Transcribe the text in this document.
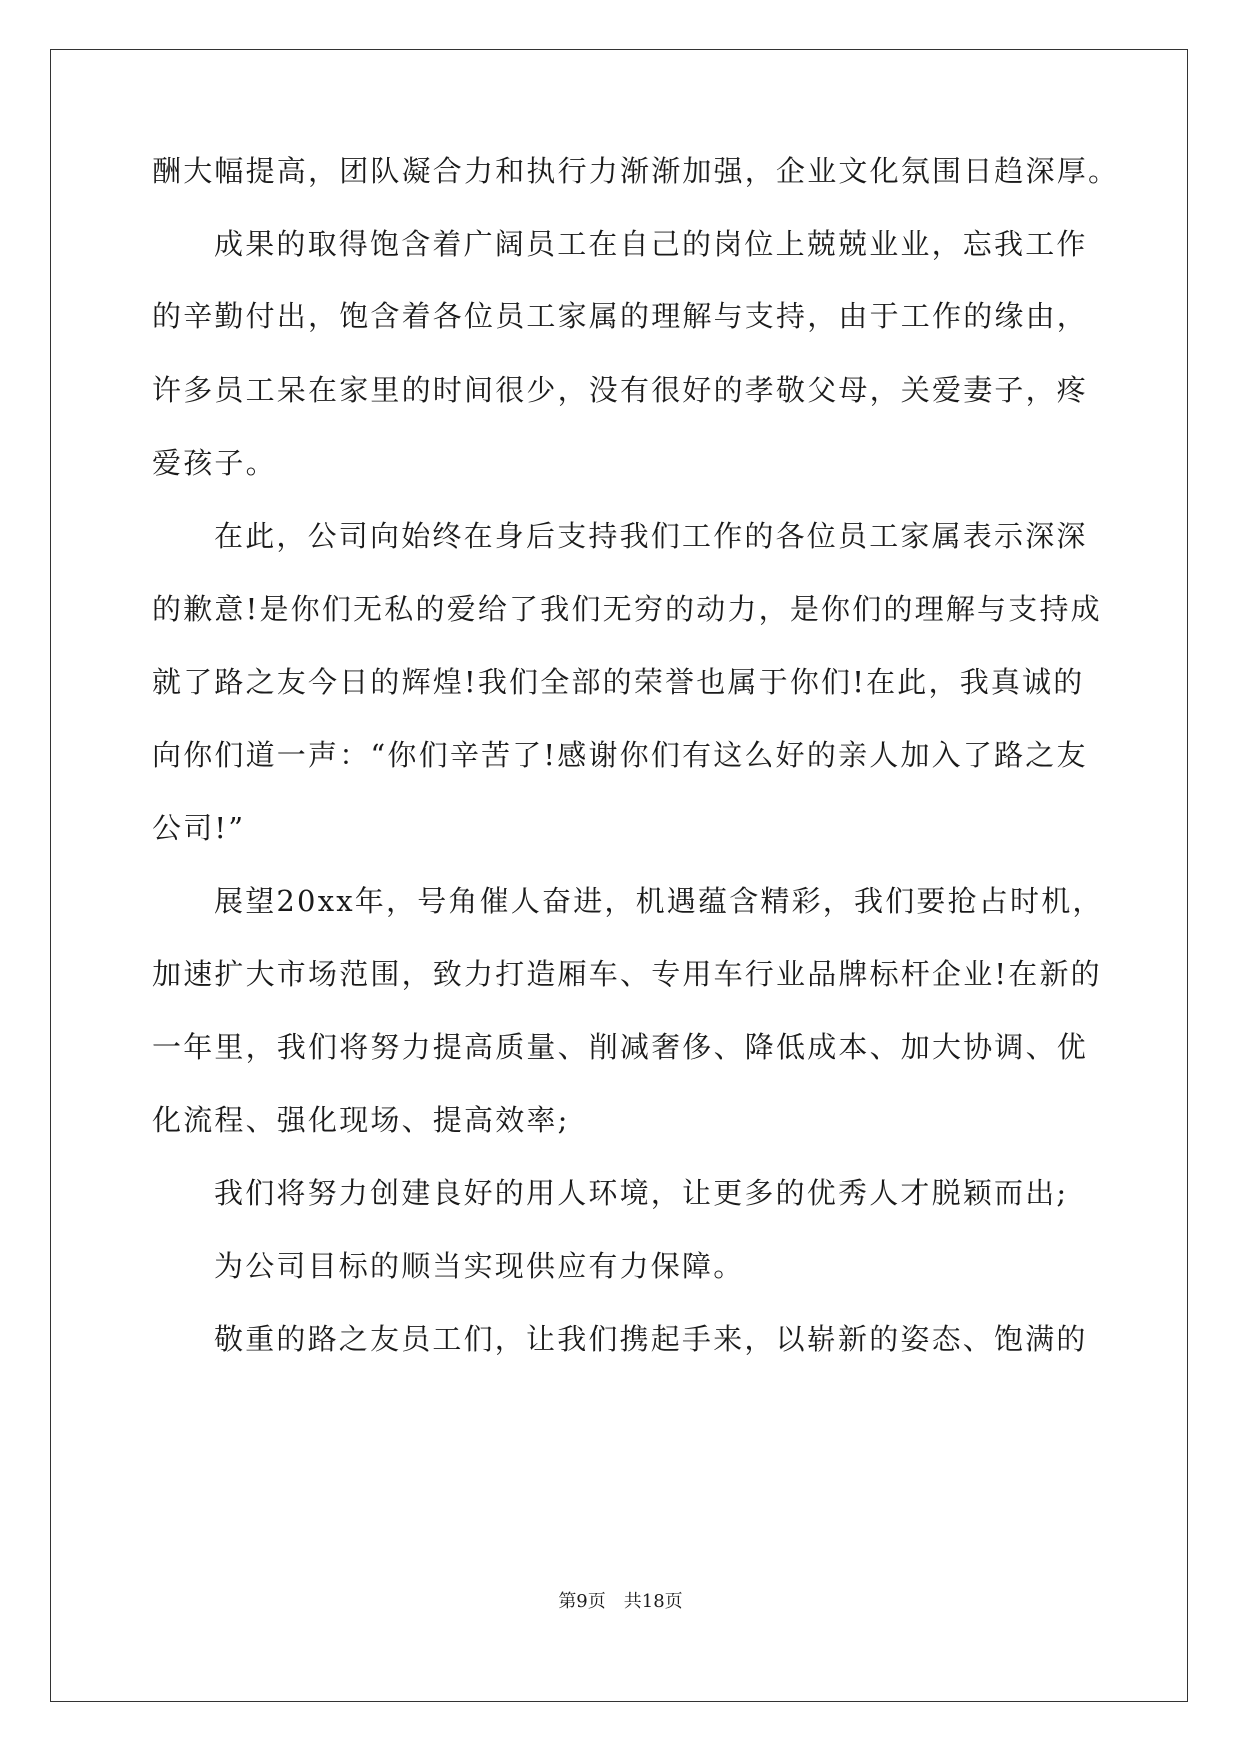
酬大幅提高，团队凝合力和执行力渐渐加强，企业文化氛围日趋深厚。
成果的取得饱含着广阔员工在自己的岗位上兢兢业业，忘我工作
的辛勤付出，饱含着各位员工家属的理解与支持，由于工作的缘由，
许多员工呆在家里的时间很少，没有很好的孝敬父母，关爱妻子，疼
爱孩子。
在此，公司向始终在身后支持我们工作的各位员工家属表示深深
的歉意!是你们无私的爱给了我们无穷的动力，是你们的理解与支持成
就了路之友今日的辉煌!我们全部的荣誉也属于你们!在此，我真诚的
向你们道一声：“你们辛苦了!感谢你们有这么好的亲人加入了路之友
公司!”
展望20xx年，号角催人奋进，机遇蕴含精彩，我们要抢占时机，
加速扩大市场范围，致力打造厢车、专用车行业品牌标杆企业!在新的
一年里，我们将努力提高质量、削减奢侈、降低成本、加大协调、优
化流程、强化现场、提高效率;
我们将努力创建良好的用人环境，让更多的优秀人才脱颖而出;
为公司目标的顺当实现供应有力保障。
敬重的路之友员工们，让我们携起手来，以崭新的姿态、饱满的
第9页 共18页
